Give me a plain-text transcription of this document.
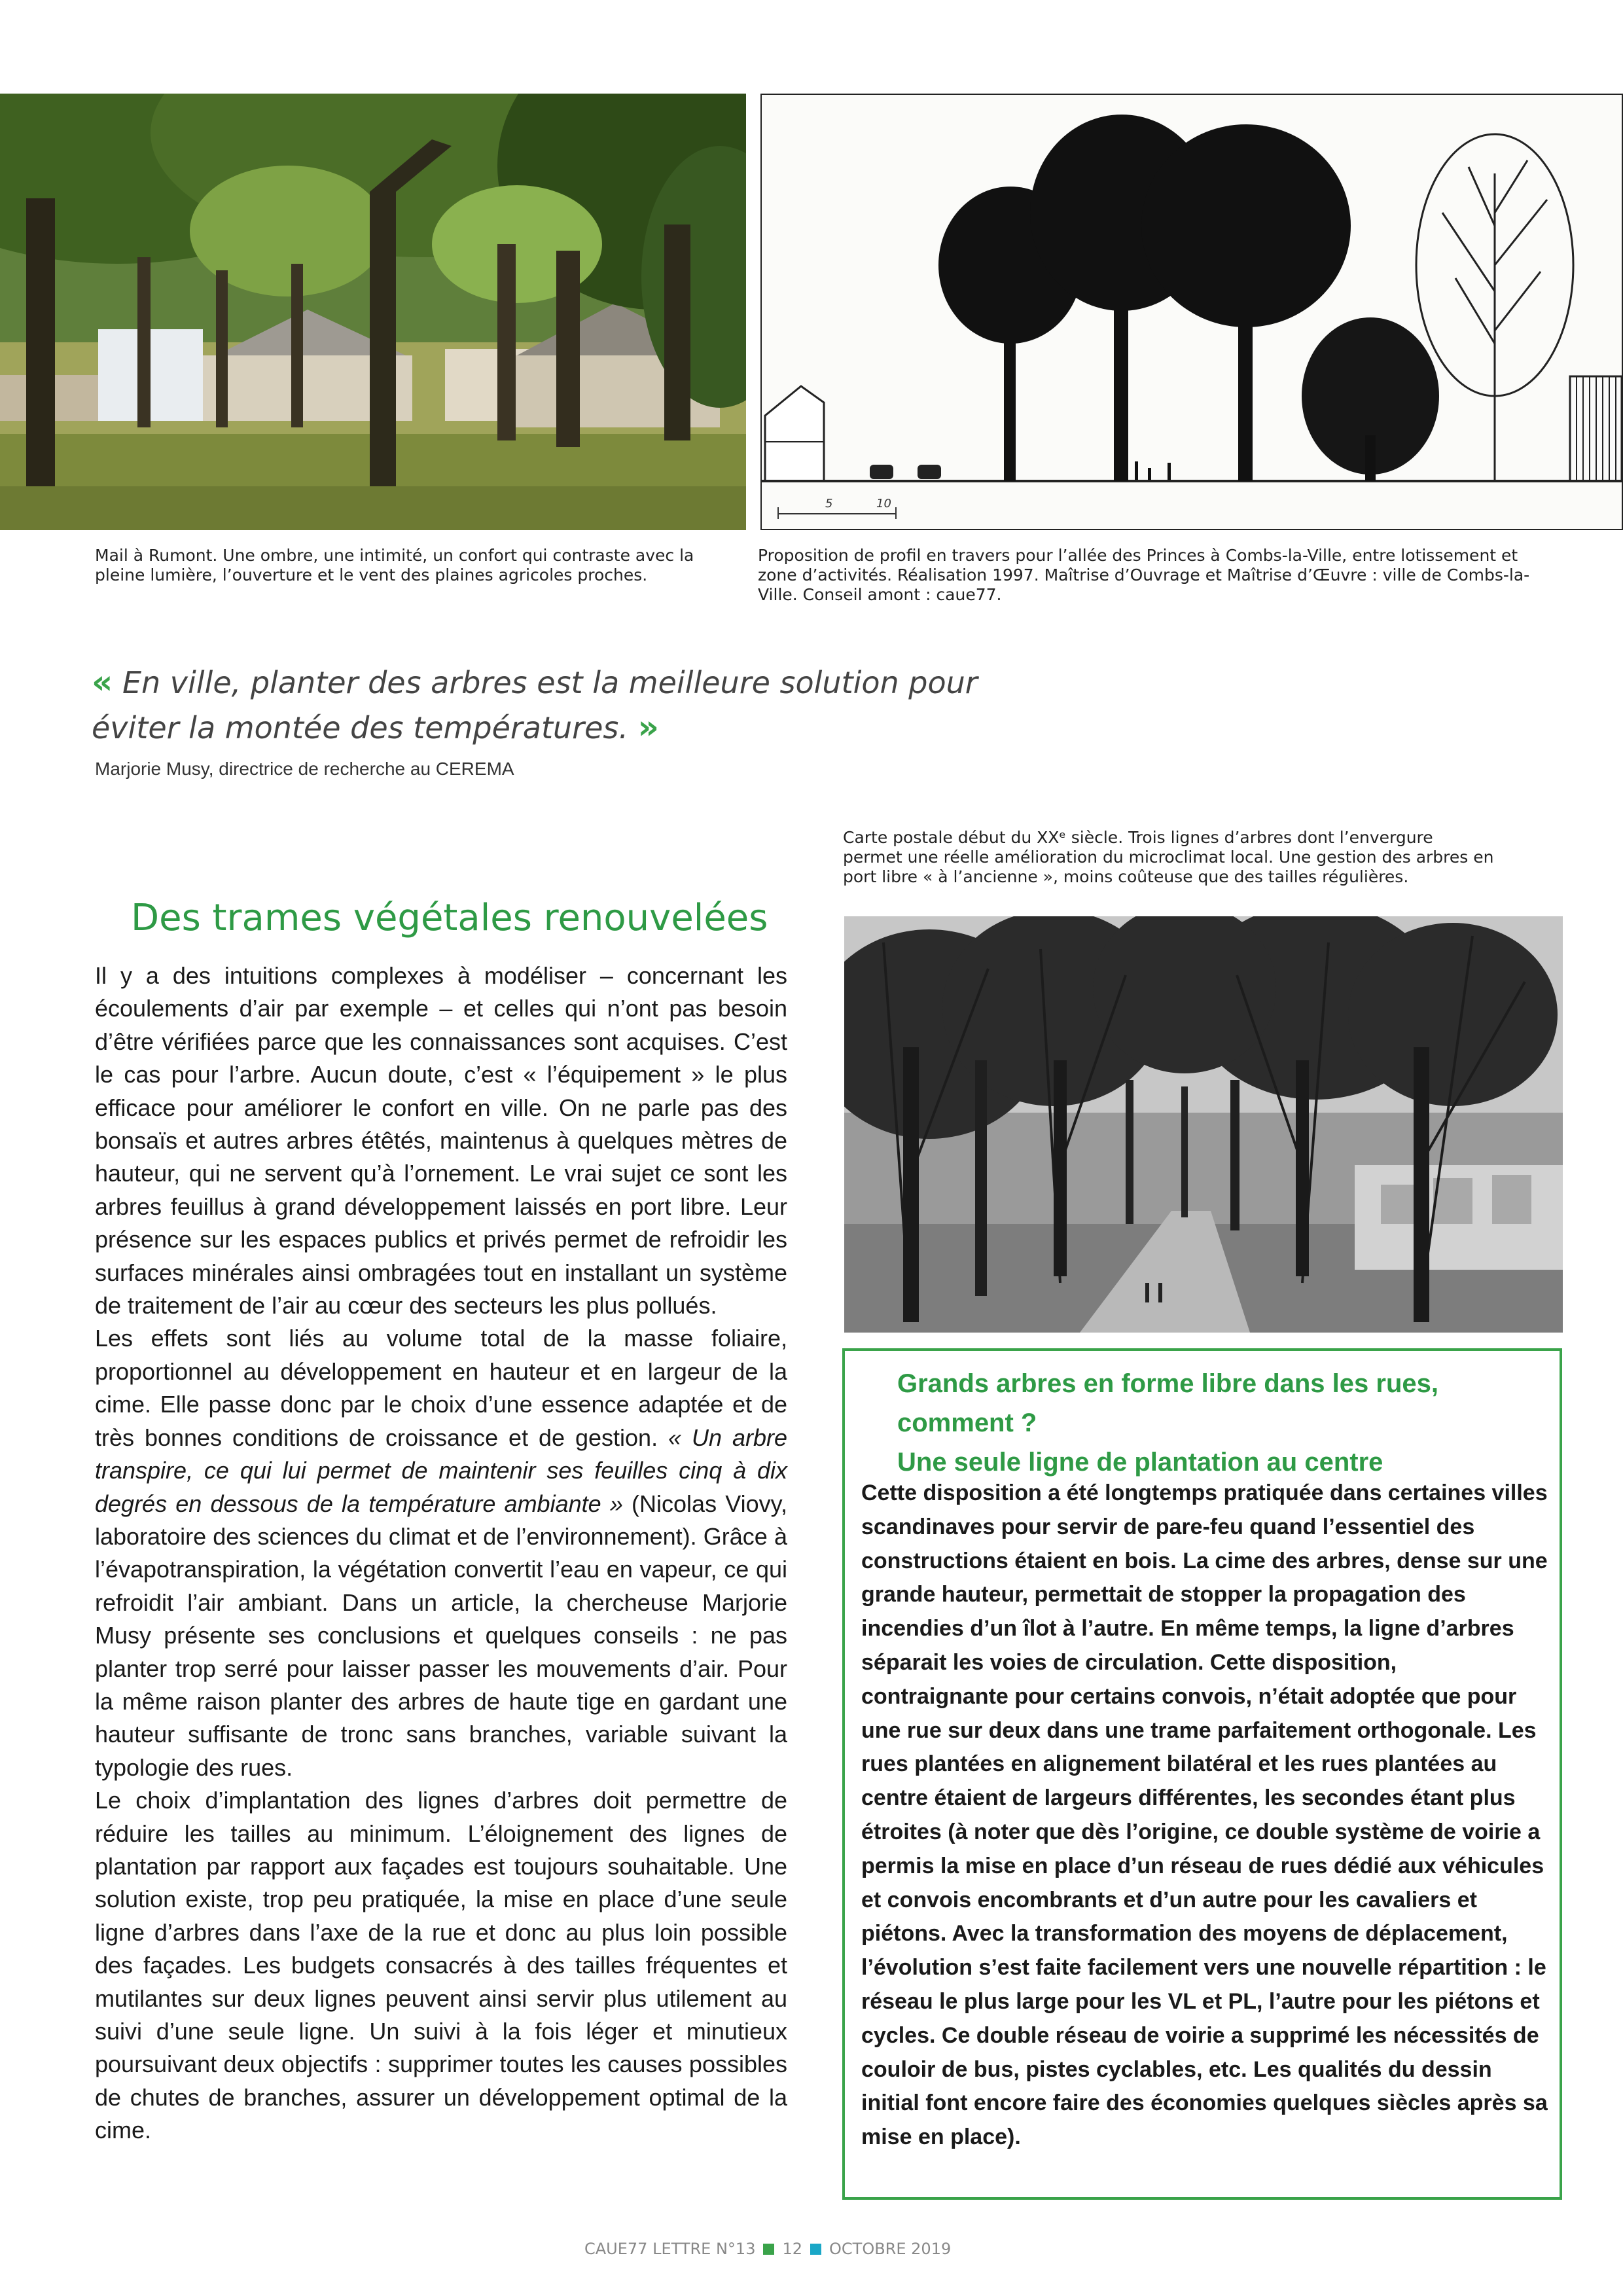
5	10
Mail à Rumont. Une ombre, une intimité, un confort qui contraste avec la pleine lumière, l’ouverture et le vent des plaines agricoles proches.
Proposition de profil en travers pour l’allée des Princes à Combs-la-Ville, entre lotissement et zone d’activités. Réalisation 1997. Maîtrise d’Ouvrage et Maîtrise d’Œuvre : ville de Combs-la-Ville. Conseil amont : caue77.
« En ville, planter des arbres est la meilleure solution pour éviter la montée des températures. »
Marjorie Musy, directrice de recherche au CEREMA
Carte postale début du XXᵉ siècle. Trois lignes d’arbres dont l’envergure permet une réelle amélioration du microclimat local. Une gestion des arbres en port libre « à l’ancienne », moins coûteuse que des tailles régulières.
Des trames végétales renouvelées

Il y a des intuitions complexes à modéliser – concernant les écoulements d’air par exemple – et celles qui n’ont pas besoin d’être vérifiées parce que les connaissances sont acquises. C’est le cas pour l’arbre. Aucun doute, c’est « l’équipement » le plus efficace pour améliorer le confort en ville. On ne parle pas des bonsaïs et autres arbres étêtés, maintenus à quelques mètres de hauteur, qui ne servent qu’à l’ornement. Le vrai sujet ce sont les arbres feuillus à grand développement laissés en port libre. Leur présence sur les espaces publics et privés permet de refroidir les surfaces minérales ainsi ombragées tout en installant un système de traitement de l’air au cœur des secteurs les plus pollués.

Les effets sont liés au volume total de la masse foliaire, proportionnel au développement en hauteur et en largeur de la cime. Elle passe donc par le choix d’une essence adaptée et de très bonnes conditions de croissance et de gestion. « Un arbre transpire, ce qui lui permet de maintenir ses feuilles cinq à dix degrés en dessous de la température ambiante » (Nicolas Viovy, laboratoire des sciences du climat et de l’environnement). Grâce à l’évapotranspiration, la végétation convertit l’eau en vapeur, ce qui refroidit l’air ambiant. Dans un article, la chercheuse Marjorie Musy présente ses conclusions et quelques conseils : ne pas planter trop serré pour laisser passer les mouvements d’air. Pour la même raison planter des arbres de haute tige en gardant une hauteur suffisante de tronc sans branches, variable suivant la typologie des rues.

Le choix d’implantation des lignes d’arbres doit permettre de réduire les tailles au minimum. L’éloignement des lignes de plantation par rapport aux façades est toujours souhaitable. Une solution existe, trop peu pratiquée, la mise en place d’une seule ligne d’arbres dans l’axe de la rue et donc au plus loin possible des façades. Les budgets consacrés à des tailles fréquentes et mutilantes sur deux lignes peuvent ainsi servir plus utilement au suivi d’une seule ligne. Un suivi à la fois léger et minutieux poursuivant deux objectifs : supprimer toutes les causes possibles de chutes de branches, assurer un développement optimal de la cime.

Grands arbres en forme libre dans les rues, comment ?
Une seule ligne de plantation au centre
Cette disposition a été longtemps pratiquée dans certaines villes scandinaves pour servir de pare-feu quand l’essentiel des constructions étaient en bois. La cime des arbres, dense sur une grande hauteur, permettait de stopper la propagation des incendies d’un îlot à l’autre. En même temps, la ligne d’arbres séparait les voies de circulation. Cette disposition, contraignante pour certains convois, n’était adoptée que pour une rue sur deux dans une trame parfaitement orthogonale. Les rues plantées en alignement bilatéral et les rues plantées au centre étaient de largeurs différentes, les secondes étant plus étroites (à noter que dès l’origine, ce double système de voirie a permis la mise en place d’un réseau de rues dédié aux véhicules et convois encombrants et d’un autre pour les cavaliers et piétons. Avec la transformation des moyens de déplacement, l’évolution s’est faite facilement vers une nouvelle répartition : le réseau le plus large pour les VL et PL, l’autre pour les piétons et cycles. Ce double réseau de voirie a supprimé les nécessités de couloir de bus, pistes cyclables, etc. Les qualités du dessin initial font encore faire des économies quelques siècles après sa mise en place).
CAUE77 LETTRE N°13 12 OCTOBRE 2019
